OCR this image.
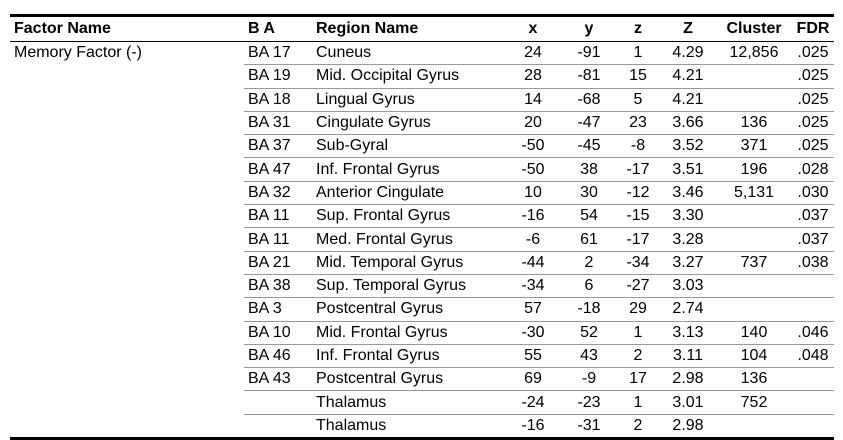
Factor Name	B A	Region Name	x	y	z	Z	Cluster	FDR
Memory Factor (-)	BA 17	Cuneus	24	-91	1	4.29	12,856	.025
	BA 19	Mid. Occipital Gyrus	28	-81	15	4.21		.025
	BA 18	Lingual Gyrus	14	-68	5	4.21		.025
	BA 31	Cingulate Gyrus	20	-47	23	3.66	136	.025
	BA 37	Sub-Gyral	-50	-45	-8	3.52	371	.025
	BA 47	Inf. Frontal Gyrus	-50	38	-17	3.51	196	.028
	BA 32	Anterior Cingulate	10	30	-12	3.46	5,131	.030
	BA 11	Sup. Frontal Gyrus	-16	54	-15	3.30		.037
	BA 11	Med. Frontal Gyrus	-6	61	-17	3.28		.037
	BA 21	Mid. Temporal Gyrus	-44	2	-34	3.27	737	.038
	BA 38	Sup. Temporal Gyrus	-34	6	-27	3.03		
	BA 3	Postcentral Gyrus	57	-18	29	2.74		
	BA 10	Mid. Frontal Gyrus	-30	52	1	3.13	140	.046
	BA 46	Inf. Frontal Gyrus	55	43	2	3.11	104	.048
	BA 43	Postcentral Gyrus	69	-9	17	2.98	136	
		Thalamus	-24	-23	1	3.01	752	
		Thalamus	-16	-31	2	2.98		
